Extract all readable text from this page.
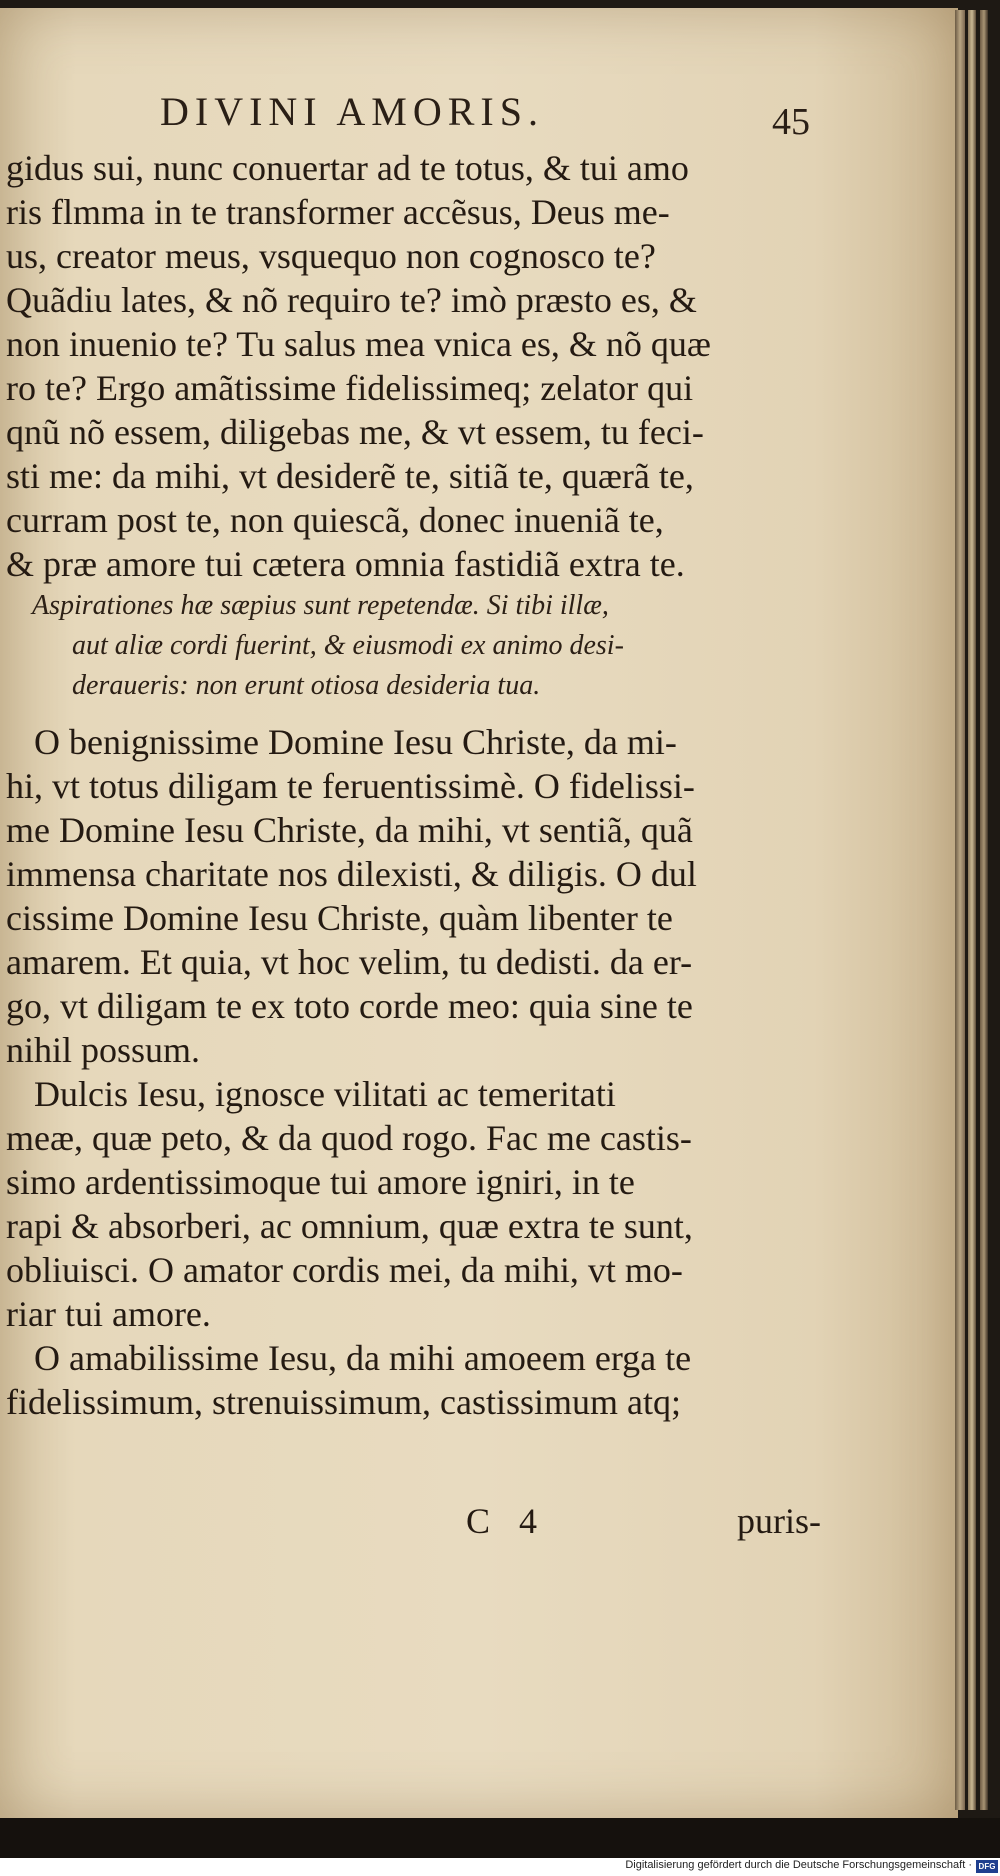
DIVINI AMORIS.	45
gidus sui, nunc conuertar ad te totus, & tui amo
ris flmma in te transformer accẽsus, Deus me-
us, creator meus, vsquequo non cognosco te?
Quãdiu lates, & nõ requiro te? imò præsto es, &
non inuenio te? Tu salus mea vnica es, & nõ quæ
ro te? Ergo amãtissime fidelissimeq; zelator qui
qnũ nõ essem, diligebas me, & vt essem, tu feci-
sti me: da mihi, vt desiderẽ te, sitiã te, quærã te,
curram post te, non quiescã, donec inueniã te,
& præ amore tui cætera omnia fastidiã extra te.
Aspirationes hæ sæpius sunt repetendæ. Si tibi illæ,
aut aliæ cordi fuerint, & eiusmodi ex animo desi-
deraueris: non erunt otiosa desideria tua.
O benignissime Domine Iesu Christe, da mi-
hi, vt totus diligam te feruentissimè. O fidelissi-
me Domine Iesu Christe, da mihi, vt sentiã, quã
immensa charitate nos dilexisti, & diligis. O dul
cissime Domine Iesu Christe, quàm libenter te
amarem. Et quia, vt hoc velim, tu dedisti. da er-
go, vt diligam te ex toto corde meo: quia sine te
nihil possum.
Dulcis Iesu, ignosce vilitati ac temeritati
meæ, quæ peto, & da quod rogo. Fac me castis-
simo ardentissimoque tui amore igniri, in te
rapi & absorberi, ac omnium, quæ extra te sunt,
obliuisci. O amator cordis mei, da mihi, vt mo-
riar tui amore.
O amabilissime Iesu, da mihi amoeem erga te
fidelissimum, strenuissimum, castissimum atq;
C 4	puris-
Digitalisierung gefördert durch die Deutsche Forschungsgemeinschaft · DFG
